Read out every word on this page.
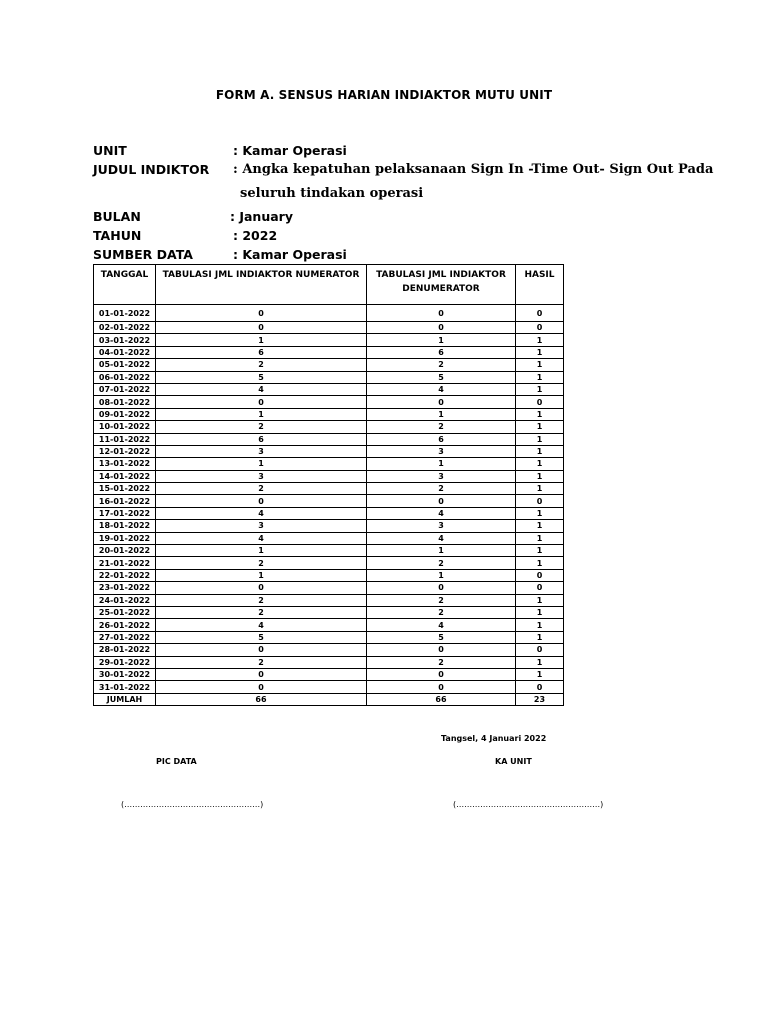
FORM A. SENSUS HARIAN INDIAKTOR MUTU UNIT
UNIT	: Kamar Operasi
JUDUL INDIKTOR : Angka kepatuhan pelaksanaan Sign In -Time Out- Sign Out Pada
seluruh tindakan operasi
BULAN	: January
TAHUN	: 2022
SUMBER DATA	: Kamar Operasi
TANGGAL	TABULASI JML INDIAKTOR NUMERATOR	TABULASI JML INDIAKTOR DENUMERATOR	HASIL
01-01-2022	0	0	0
02-01-2022	0	0	0
03-01-2022	1	1	1
04-01-2022	6	6	1
05-01-2022	2	2	1
06-01-2022	5	5	1
07-01-2022	4	4	1
08-01-2022	0	0	0
09-01-2022	1	1	1
10-01-2022	2	2	1
11-01-2022	6	6	1
12-01-2022	3	3	1
13-01-2022	1	1	1
14-01-2022	3	3	1
15-01-2022	2	2	1
16-01-2022	0	0	0
17-01-2022	4	4	1
18-01-2022	3	3	1
19-01-2022	4	4	1
20-01-2022	1	1	1
21-01-2022	2	2	1
22-01-2022	1	1	0
23-01-2022	0	0	0
24-01-2022	2	2	1
25-01-2022	2	2	1
26-01-2022	4	4	1
27-01-2022	5	5	1
28-01-2022	0	0	0
29-01-2022	2	2	1
30-01-2022	0	0	1
31-01-2022	0	0	0
JUMLAH	66	66	23
Tangsel, 4 Januari 2022
PIC DATA	KA UNIT
(……………………………………………)	(………………………………………………)
